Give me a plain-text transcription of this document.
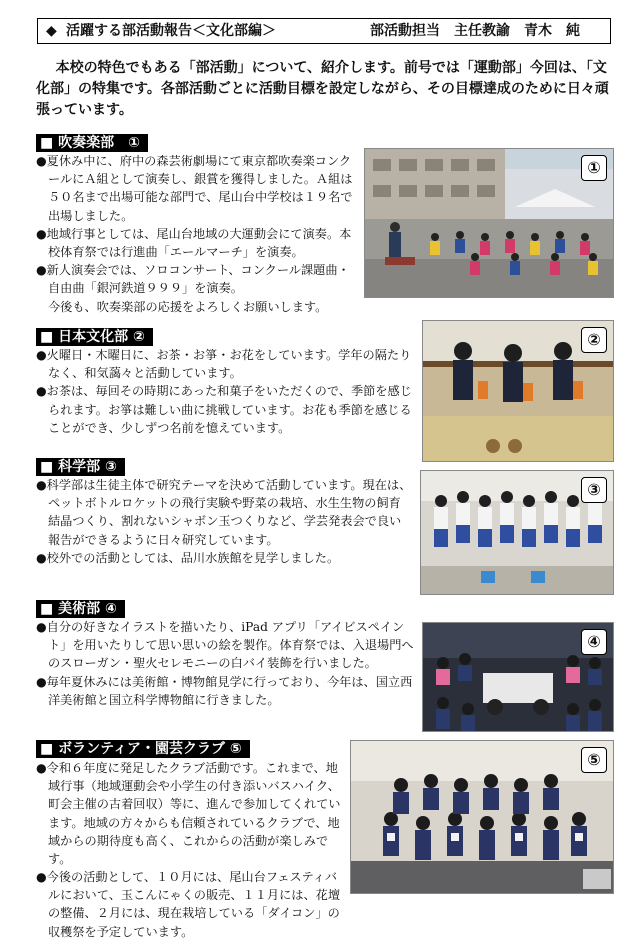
◆ 活躍する部活動報告＜文化部編＞	部活動担当　主任教諭　青木　純

本校の特色でもある「部活動」について、紹介します。前号では「運動部」今回は、「文化部」の特集です。各部活動ごとに活動目標を設定しながら、その目標達成のために日々頑張っています。

■ 吹奏楽部　①

●夏休み中に、府中の森芸術劇場にて東京都吹奏楽コンクールにＡ組として演奏し、銀賞を獲得しました。Ａ組は５０名まで出場可能な部門で、尾山台中学校は１９名で出場しました。

●地域行事としては、尾山台地域の大運動会にて演奏。本校体育祭では行進曲「エールマーチ」を演奏。

●新人演奏会では、ソロコンサート、コンクール課題曲・自由曲「銀河鉄道９９９」を演奏。

今後も、吹奏楽部の応援をよろしくお願いします。

①
■ 日本文化部 ②

●火曜日・木曜日に、お茶・お箏・お花をしています。学年の隔たりなく、和気藹々と活動しています。

●お茶は、毎回その時期にあった和菓子をいただくので、季節を感じられます。お箏は難しい曲に挑戦しています。お花も季節を感じることができ、少しずつ名前を憶えています。

②
■ 科学部 ③

●科学部は生徒主体で研究テーマを決めて活動しています。現在は、ペットボトルロケットの飛行実験や野菜の栽培、水生生物の飼育結晶つくり、割れないシャボン玉つくりなど、学芸発表会で良い報告ができるように日々研究しています。

●校外での活動としては、品川水族館を見学しました。

③
■ 美術部 ④

●自分の好きなイラストを描いたり、iPad アプリ「アイビスペイント」を用いたりして思い思いの絵を製作。体育祭では、入退場門へのスローガン・聖火セレモニーの白バイ装飾を行いました。

●毎年夏休みには美術館・博物館見学に行っており、今年は、国立西洋美術館と国立科学博物館に行きました。

④
■ ボランティア・園芸クラブ ⑤

●令和６年度に発足したクラブ活動です。これまで、地域行事（地域運動会や小学生の付き添いバスハイク、町会主催の古着回収）等に、進んで参加してくれています。地域の方々からも信頼されているクラブで、地域からの期待度も高く、これからの活動が楽しみです。

●今後の活動として、１０月には、尾山台フェスティバルにおいて、玉こんにゃくの販売、１１月には、花壇の整備、２月には、現在栽培している「ダイコン」の収穫祭を予定しています。

⑤
